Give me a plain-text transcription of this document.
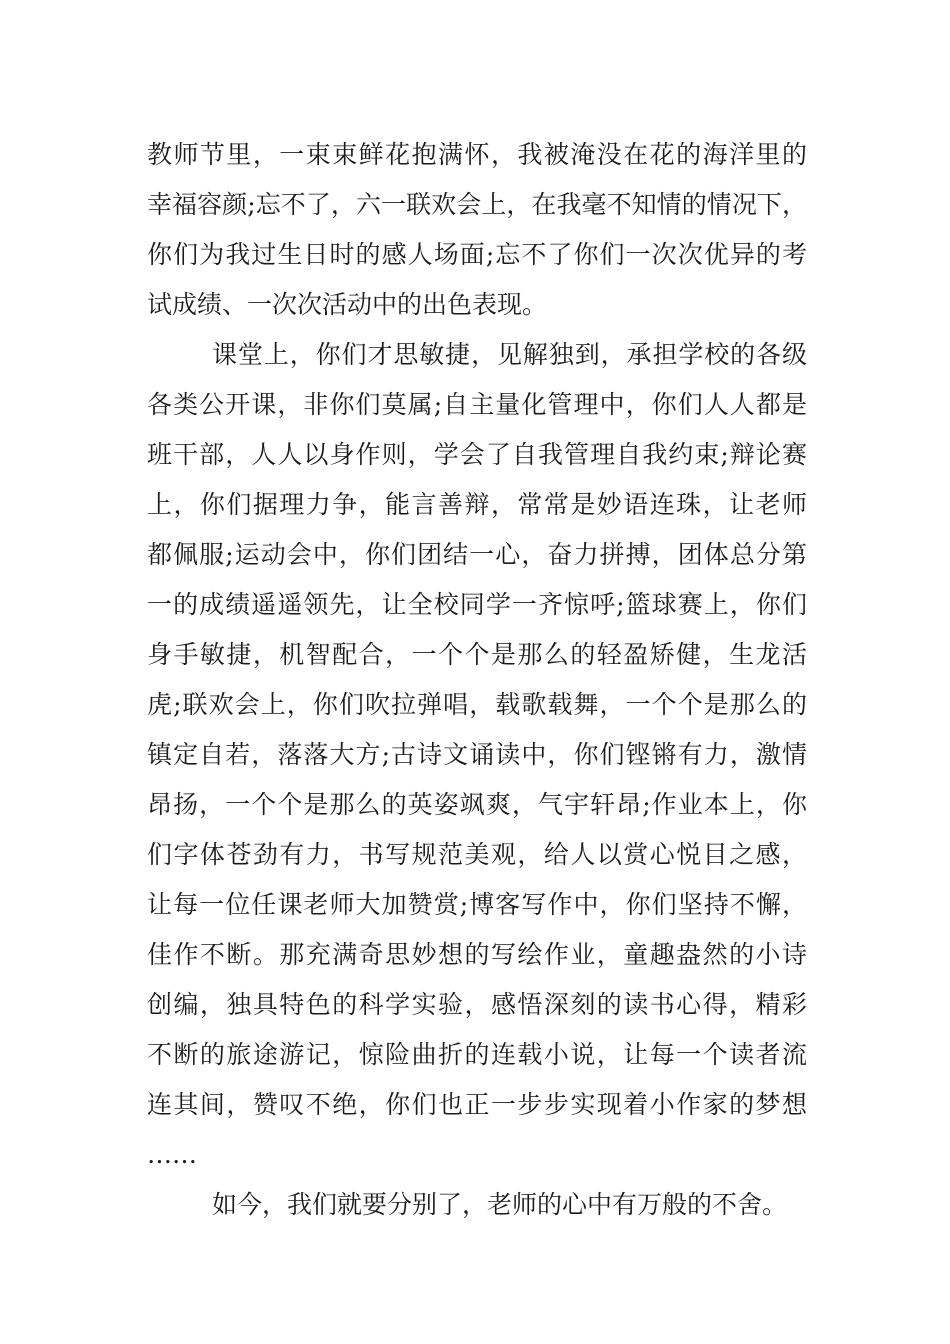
教师节里，一束束鲜花抱满怀，我被淹没在花的海洋里的
幸福容颜;忘不了，六一联欢会上，在我毫不知情的情况下，
你们为我过生日时的感人场面;忘不了你们一次次优异的考
试成绩、一次次活动中的出色表现。
课堂上，你们才思敏捷，见解独到，承担学校的各级
各类公开课，非你们莫属;自主量化管理中，你们人人都是
班干部，人人以身作则，学会了自我管理自我约束;辩论赛
上，你们据理力争，能言善辩，常常是妙语连珠，让老师
都佩服;运动会中，你们团结一心，奋力拼搏，团体总分第
一的成绩遥遥领先，让全校同学一齐惊呼;篮球赛上，你们
身手敏捷，机智配合，一个个是那么的轻盈矫健，生龙活
虎;联欢会上，你们吹拉弹唱，载歌载舞，一个个是那么的
镇定自若，落落大方;古诗文诵读中，你们铿锵有力，激情
昂扬，一个个是那么的英姿飒爽，气宇轩昂;作业本上，你
们字体苍劲有力，书写规范美观，给人以赏心悦目之感，
让每一位任课老师大加赞赏;博客写作中，你们坚持不懈，
佳作不断。那充满奇思妙想的写绘作业，童趣盎然的小诗
创编，独具特色的科学实验，感悟深刻的读书心得，精彩
不断的旅途游记，惊险曲折的连载小说，让每一个读者流
连其间，赞叹不绝，你们也正一步步实现着小作家的梦想
……
如今，我们就要分别了，老师的心中有万般的不舍。
